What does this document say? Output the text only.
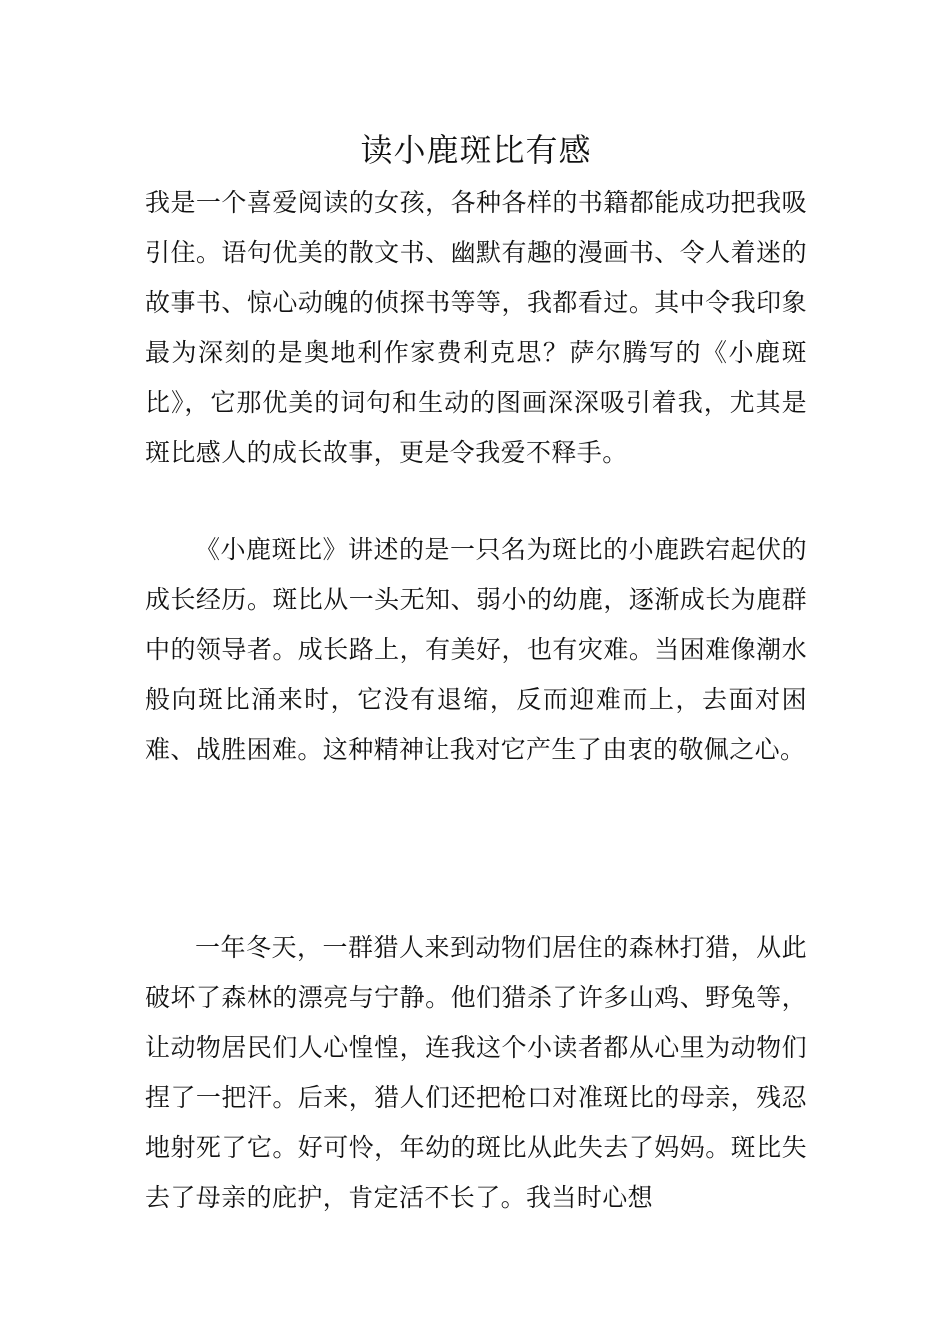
读小鹿斑比有感

我是一个喜爱阅读的女孩，各种各样的书籍都能成功把我吸引住。语句优美的散文书、幽默有趣的漫画书、令人着迷的故事书、惊心动魄的侦探书等等，我都看过。其中令我印象最为深刻的是奥地利作家费利克思？萨尔腾写的《小鹿斑比》，它那优美的词句和生动的图画深深吸引着我，尤其是斑比感人的成长故事，更是令我爱不释手。

《小鹿斑比》讲述的是一只名为斑比的小鹿跌宕起伏的成长经历。斑比从一头无知、弱小的幼鹿，逐渐成长为鹿群中的领导者。成长路上，有美好，也有灾难。当困难像潮水般向斑比涌来时，它没有退缩，反而迎难而上，去面对困难、战胜困难。这种精神让我对它产生了由衷的敬佩之心。

一年冬天，一群猎人来到动物们居住的森林打猎，从此破坏了森林的漂亮与宁静。他们猎杀了许多山鸡、野兔等，让动物居民们人心惶惶，连我这个小读者都从心里为动物们捏了一把汗。后来，猎人们还把枪口对准斑比的母亲，残忍地射死了它。好可怜，年幼的斑比从此失去了妈妈。斑比失去了母亲的庇护，肯定活不长了。我当时心想
